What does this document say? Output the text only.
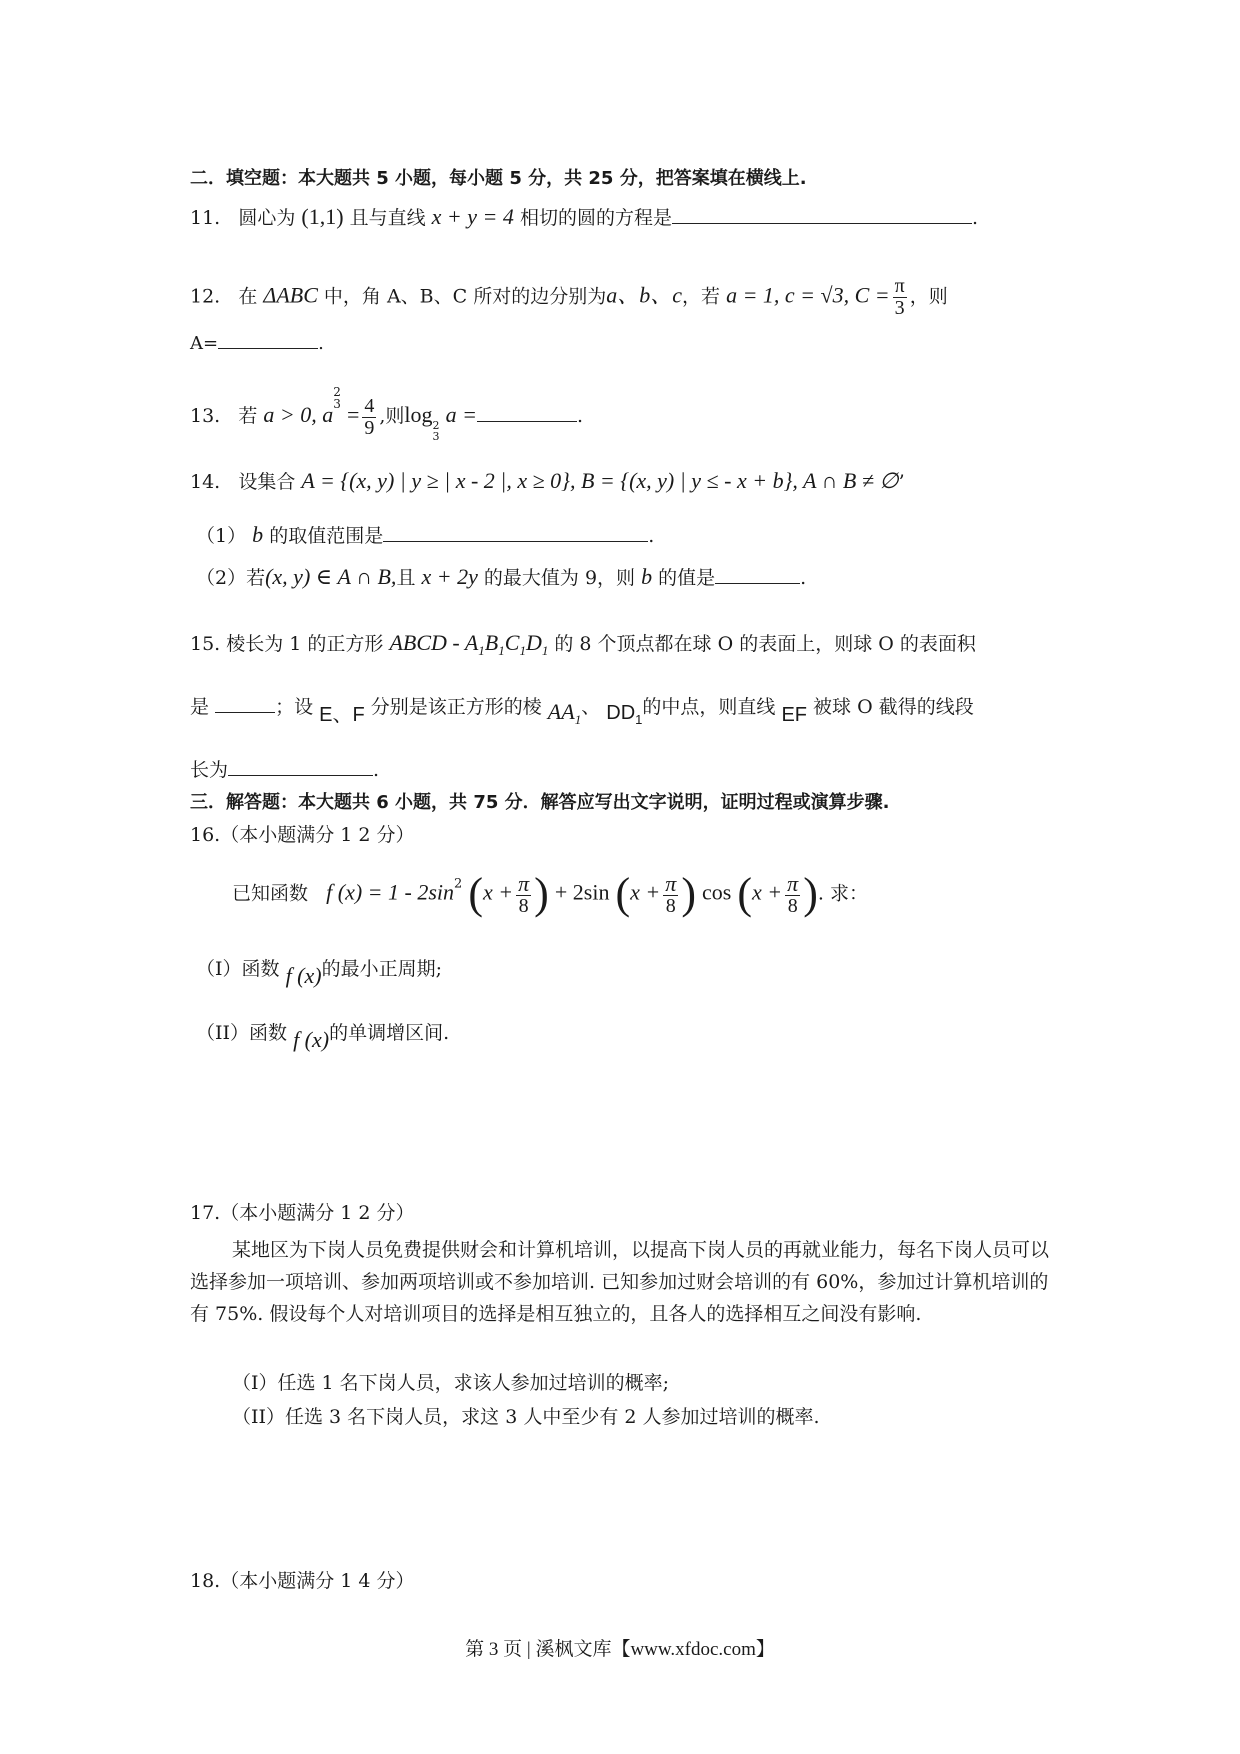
二．填空题：本大题共 5 小题，每小题 5 分，共 25 分，把答案填在横线上.
11. 圆心为 (1,1) 且与直线 x + y = 4 相切的圆的方程是	.
12. 在 ΔABC 中，角 A、B、C 所对的边分别为a、b、c，若 a = 1, c = √3, $C = \frac{\pi}{3}$ ，则
A=	.
13. 若 a > 0, a
2
$3 = \frac{4}{9}$ ,则log 2
3
a =	.
14. 设集合 A = {(x, y) | y ≥ | x - 2 |, x ≥ 0}, B = {(x, y) | y ≤ - x + b}, A ∩ B ≠ ∅’
（1） b 的取值范围是	.
（2）若(x, y) ∈ A ∩ B,且 x + 2y 的最大值为 9，则 b 的值是	.
15. 棱长为 1 的正方形 ABCD - $A_1B_1C_1D_1$ 的 8 个顶点都在球 O 的表面上，则球 O 的表面积
是	；设 E、F 分别是该正方形的棱 $AA_1$、 $DD_1$的中点，则直线 EF 被球 O 截得的线段
长为	.
三．解答题：本大题共 6 小题，共 75 分．解答应写出文字说明，证明过程或演算步骤.
16.（本小题满分 1 2 分）
已知函数 f $(x) = 1 - 2\sin^2$ ($x + \frac{\pi}{8}$ ) + 2sin ($x + \frac{\pi}{8}$ ) $\cos (x + \frac{\pi}{8}$ ). 求：
（I）函数 f (x)的最小正周期;
（II）函数 f (x)的单调增区间.
17.（本小题满分 1 2 分）
某地区为下岗人员免费提供财会和计算机培训，以提高下岗人员的再就业能力，每名下岗人员可以选择参加一项培训、参加两项培训或不参加培训. 已知参加过财会培训的有 60%，参加过计算机培训的有 75%. 假设每个人对培训项目的选择是相互独立的，且各人的选择相互之间没有影响.
（I）任选 1 名下岗人员，求该人参加过培训的概率;
（II）任选 3 名下岗人员，求这 3 人中至少有 2 人参加过培训的概率.
18.（本小题满分 1 4 分）
第 3 页 | 溪枫文库【www.xfdoc.com】
